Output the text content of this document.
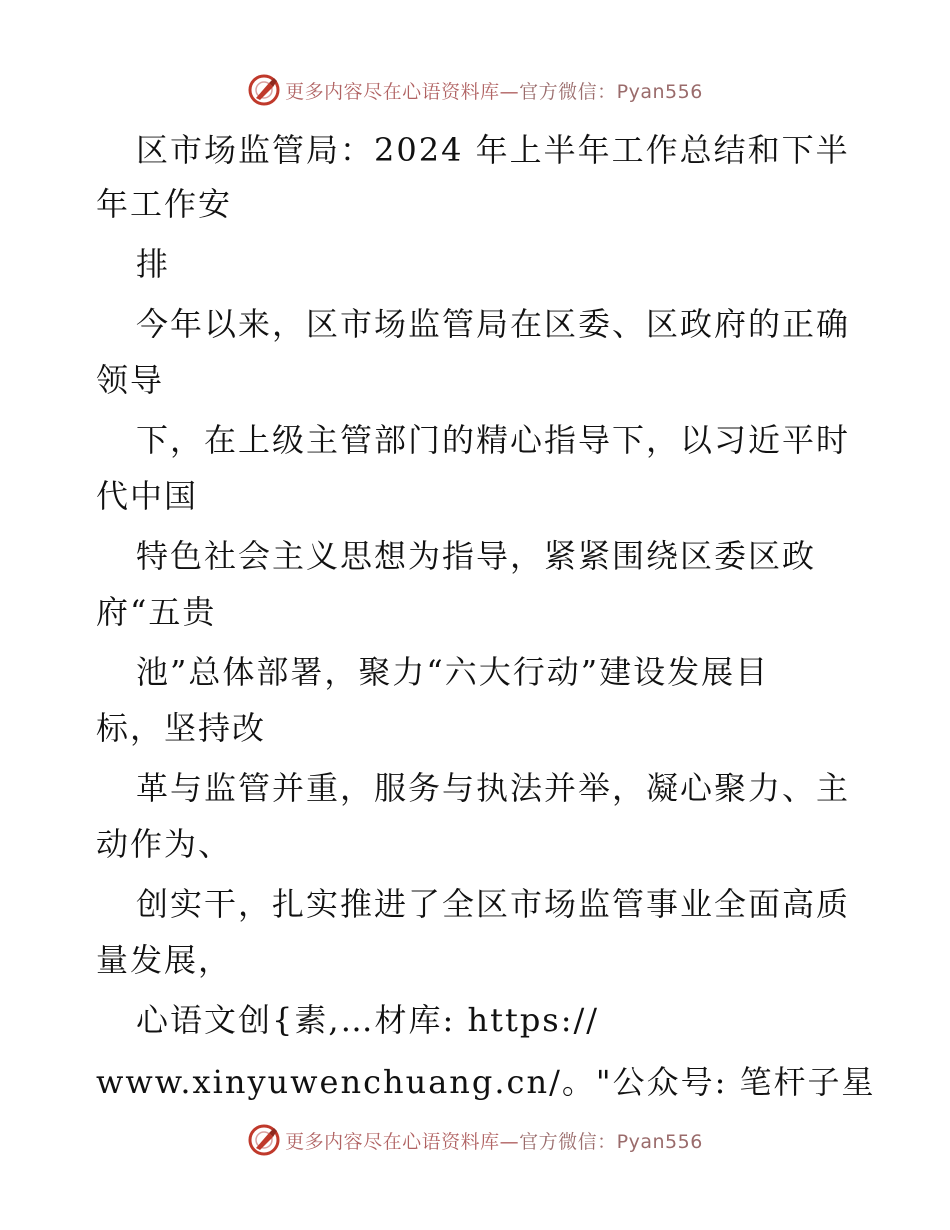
更多内容尽在心语资料库—官方微信：Pyan556
区市场监管局：2024 年上半年工作总结和下半
年工作安
排
今年以来，区市场监管局在区委、区政府的正确
领导
下，在上级主管部门的精心指导下，以习近平时
代中国
特色社会主义思想为指导，紧紧围绕区委区政
府“五贵
池”总体部署，聚力“六大行动”建设发展目
标，坚持改
革与监管并重，服务与执法并举，凝心聚力、主
动作为、
创实干，扎实推进了全区市场监管事业全面高质
量发展，
心语文创{素,…材库: https://
www.xinyuwenchuang.cn/。"公众号: 笔杆子星
更多内容尽在心语资料库—官方微信：Pyan556
